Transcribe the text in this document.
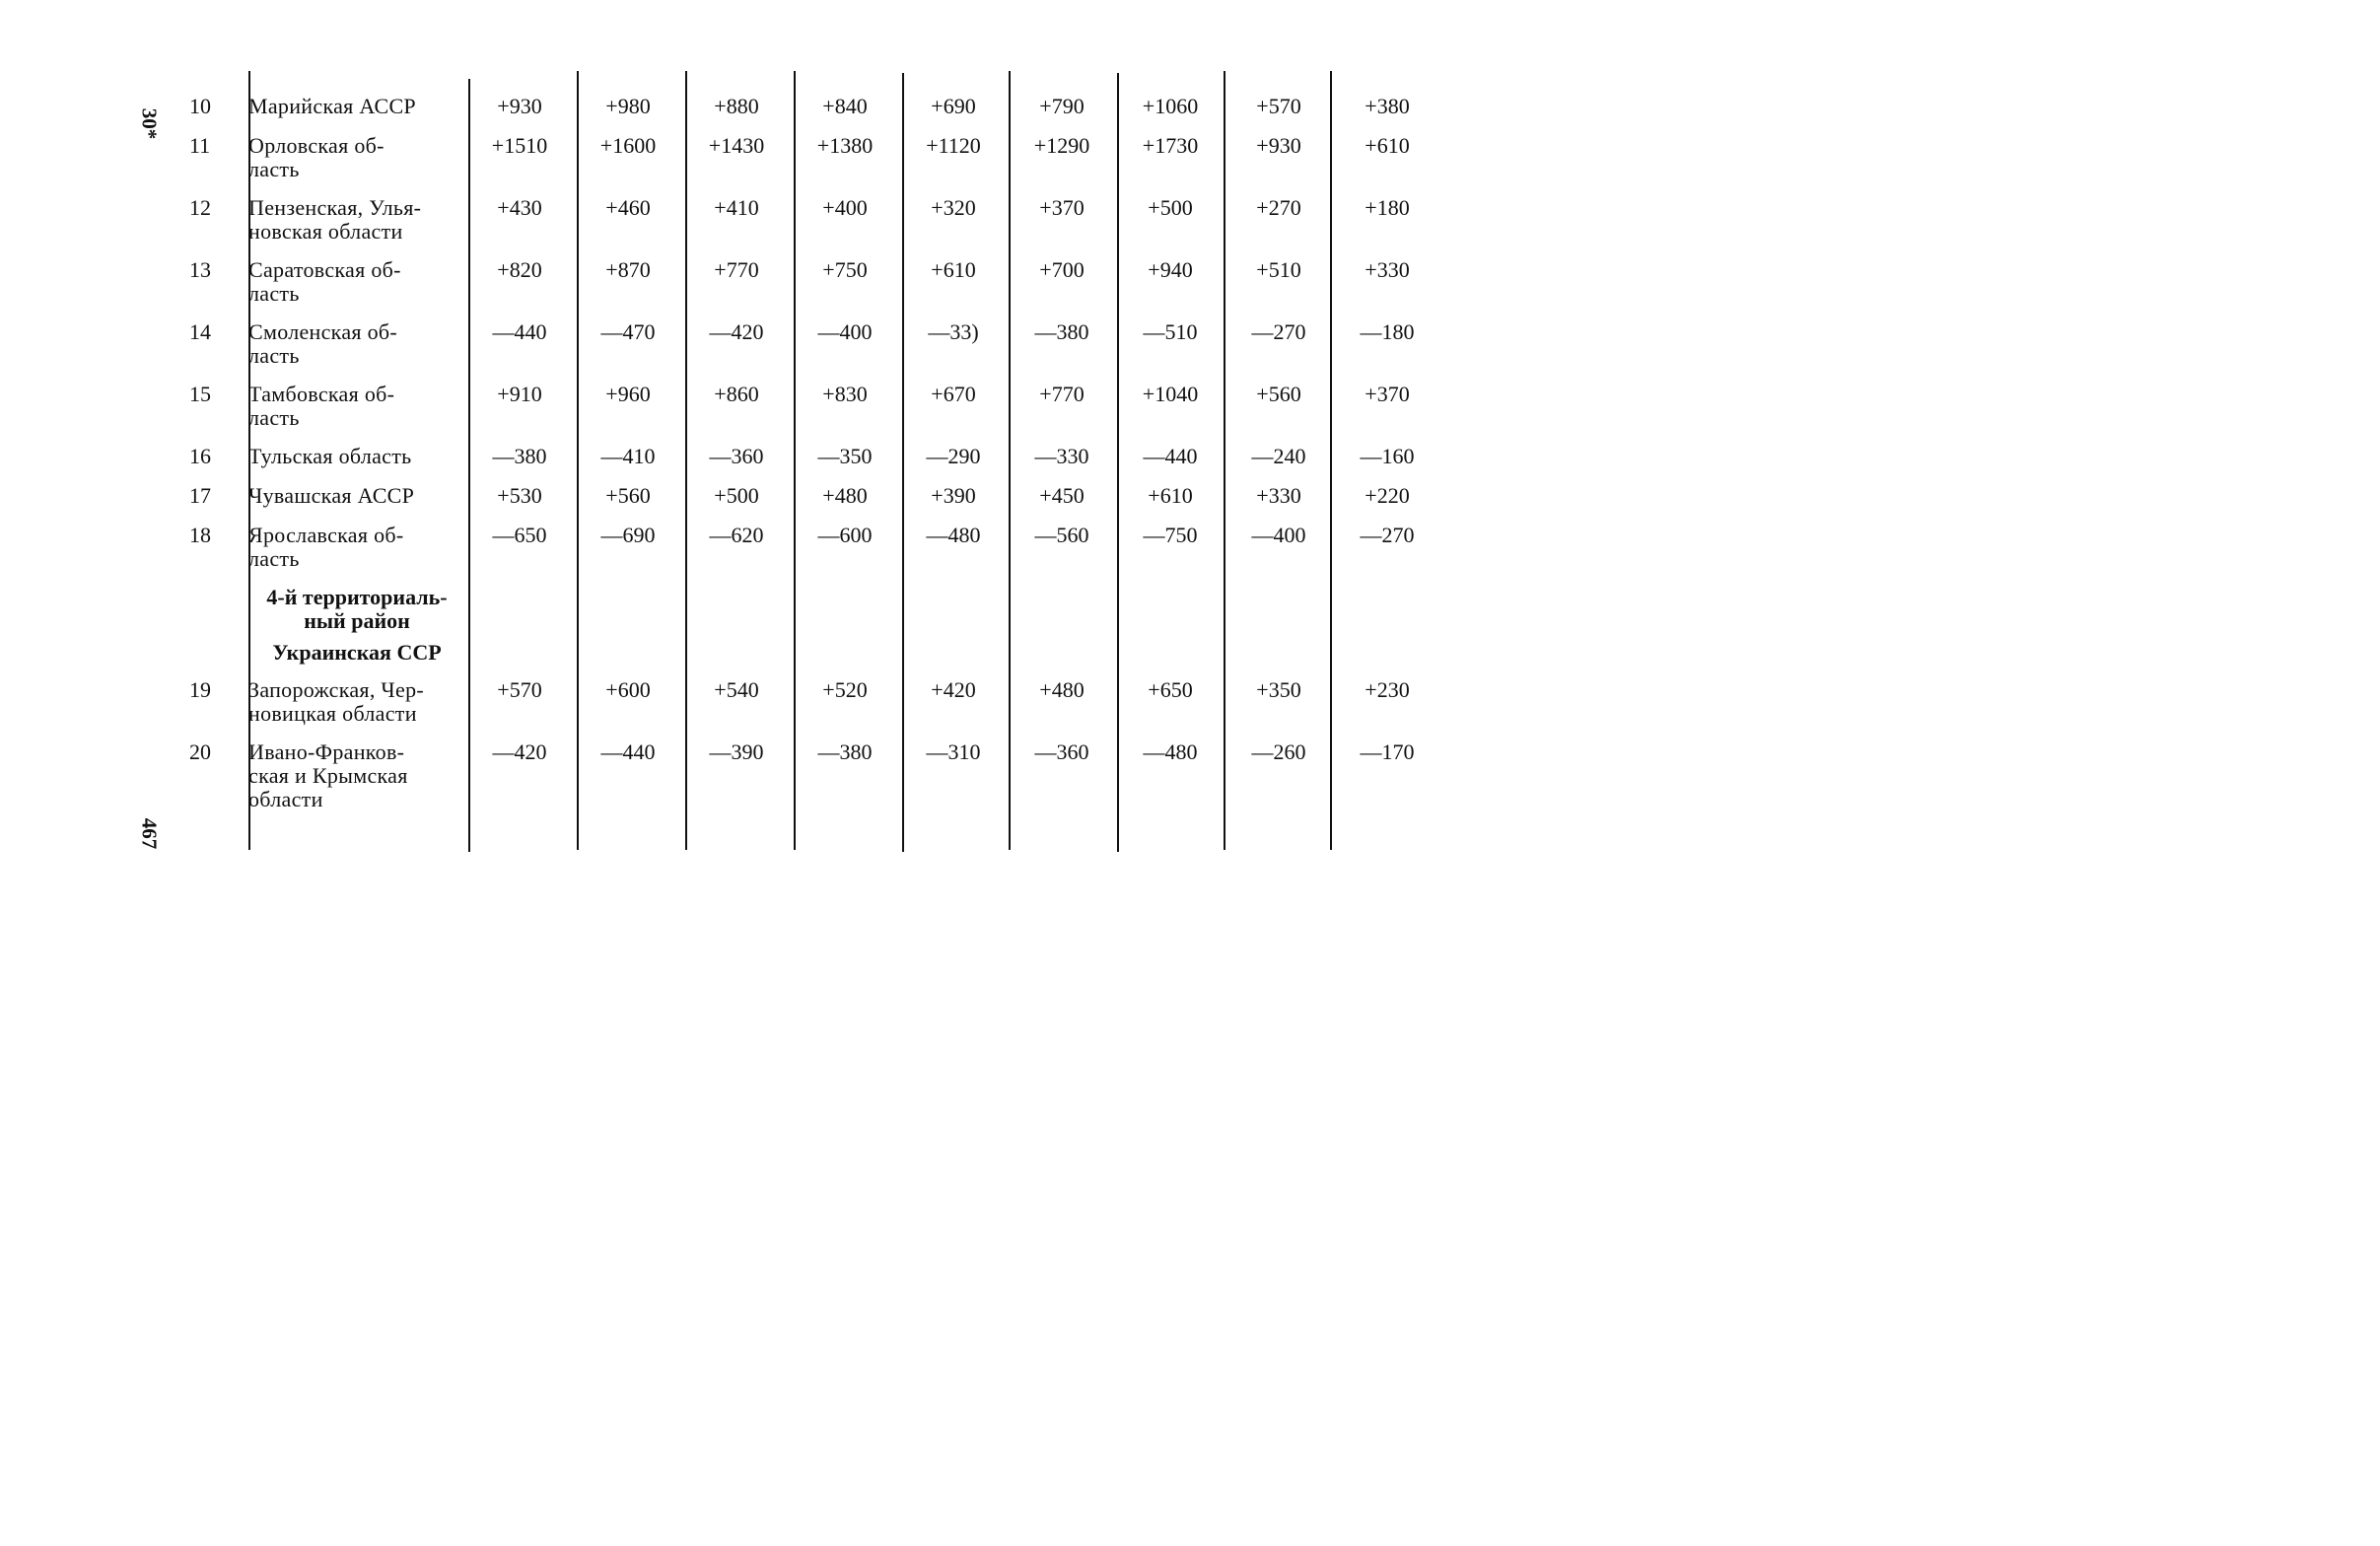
30*
467
10	Марийская АССР	+930	+980	+880	+840	+690	+790	+1060	+570	+380
11	Орловская об-
ласть	+1510	+1600	+1430	+1380	+1120	+1290	+1730	+930	+610
12	Пензенская, Улья-
новская области	+430	+460	+410	+400	+320	+370	+500	+270	+180
13	Саратовская об-
ласть	+820	+870	+770	+750	+610	+700	+940	+510	+330
14	Смоленская об-
ласть	—440	—470	—420	—400	—33)	—380	—510	—270	—180
15	Тамбовская об-
ласть	+910	+960	+860	+830	+670	+770	+1040	+560	+370
16	Тульская область	—380	—410	—360	—350	—290	—330	—440	—240	—160
17	Чувашская АССР	+530	+560	+500	+480	+390	+450	+610	+330	+220
18	Ярославская об-
ласть	—650	—690	—620	—600	—480	—560	—750	—400	—270
	4-й территориаль-
ный район									
	Украинская ССР									
19	Запорожская, Чер-
новицкая области	+570	+600	+540	+520	+420	+480	+650	+350	+230
20	Ивано-Франков-
ская и Крымская
области	—420	—440	—390	—380	—310	—360	—480	—260	—170
